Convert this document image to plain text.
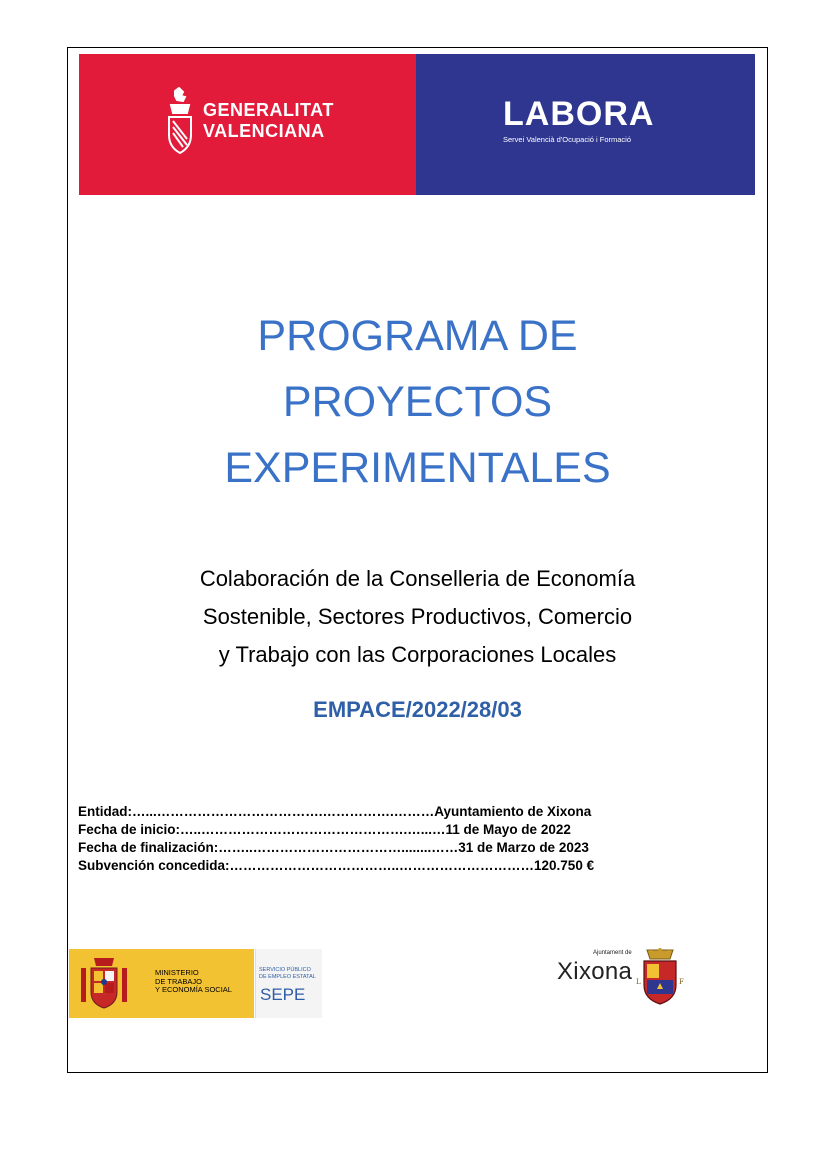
GENERALITAT
VALENCIANA	LABORA
Servei Valencià d'Ocupació i Formació
PROGRAMA DE
PROYECTOS
EXPERIMENTALES
Colaboración de la Conselleria de Economía
Sostenible, Sectores Productivos, Comercio
y Trabajo con las Corporaciones Locales
EMPACE/2022/28/03
Entidad:…...……………………………….…………….………Ayuntamiento de Xixona
Fecha de inicio:…..……………………………………….…...…11 de Mayo de 2022
Fecha de finalización:……..……………………………........……31 de Marzo de 2023
Subvención concedida:………………………………..…………………………120.750 €
MINISTERIO
DE TRABAJO
Y ECONOMÍA SOCIAL
SERVICIO PÚBLICO
DE EMPLEO ESTATAL
SEPE
Ajuntament de
Xixona L	F
